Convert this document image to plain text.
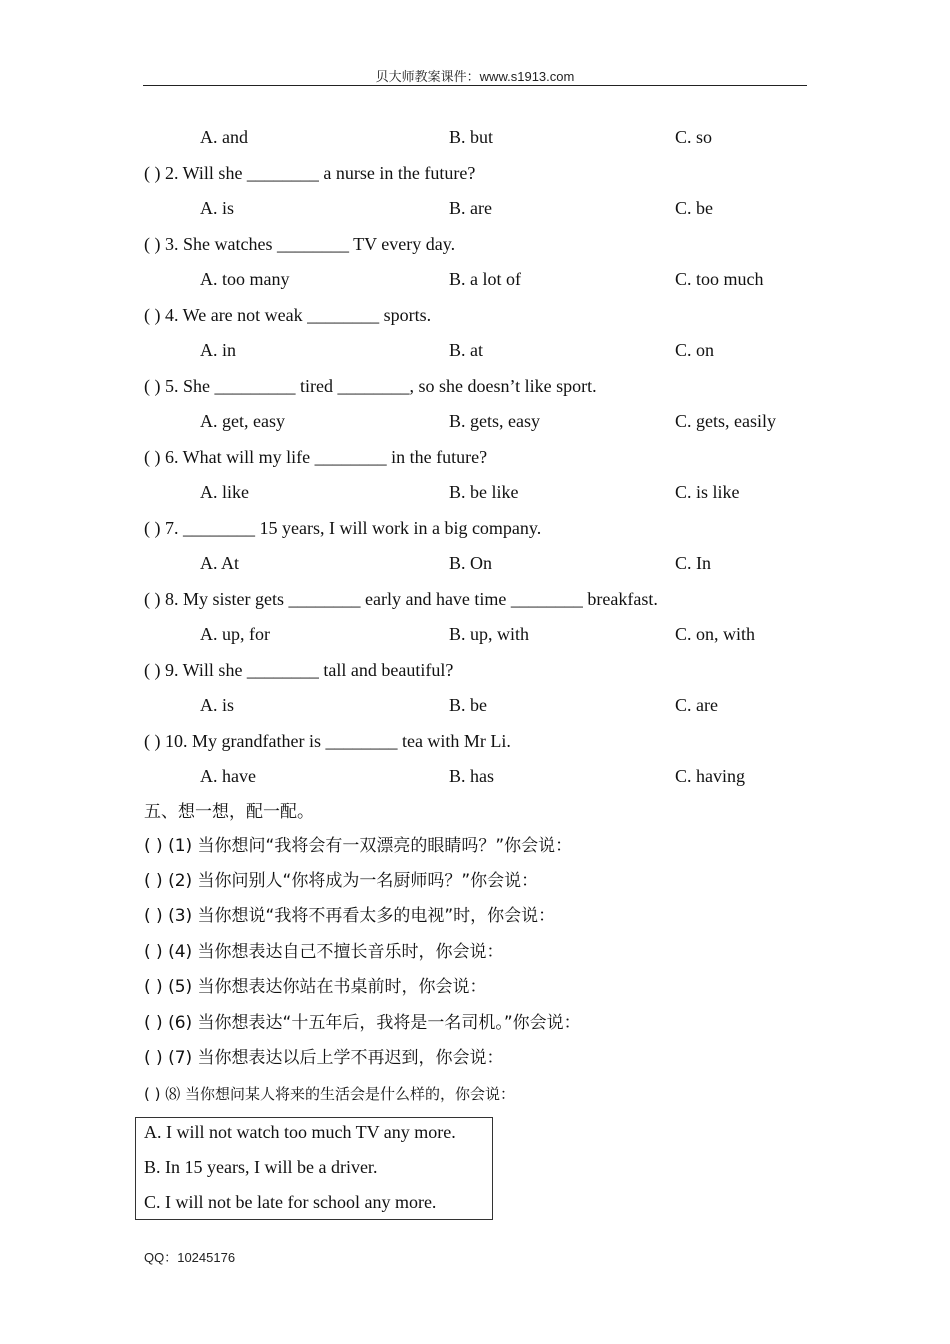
贝大师教案课件：www.s1913.com
A. and	B. but	C. so
( ) 2. Will she ________ a nurse in the future?
A. is	B. are	C. be
( ) 3. She watches ________ TV every day.
A. too many	B. a lot of	C. too much
( ) 4. We are not weak ________ sports.
A. in	B. at	C. on
( ) 5. She _________ tired ________, so she doesn’t like sport.
A. get, easy	B. gets, easy	C. gets, easily
( ) 6. What will my life ________ in the future?
A. like	B. be like	C. is like
( ) 7. ________ 15 years, I will work in a big company.
A. At	B. On	C. In
( ) 8. My sister gets ________ early and have time ________ breakfast.
A. up, for	B. up, with	C. on, with
( ) 9. Will she ________ tall and beautiful?
A. is	B. be	C. are
( ) 10. My grandfather is ________ tea with Mr Li.
A. have	B. has	C. having
五、想一想，配一配。
( ) (1) 当你想问“我将会有一双漂亮的眼睛吗？”你会说：
( ) (2) 当你问别人“你将成为一名厨师吗？”你会说：
( ) (3) 当你想说“我将不再看太多的电视”时，你会说：
( ) (4) 当你想表达自己不擅长音乐时，你会说：
( ) (5) 当你想表达你站在书桌前时，你会说：
( ) (6) 当你想表达“十五年后，我将是一名司机。”你会说：
( ) (7) 当你想表达以后上学不再迟到，你会说：
( ) ⑻ 当你想问某人将来的生活会是什么样的，你会说：
A. I will not watch too much TV any more.
B. In 15 years, I will be a driver.
C. I will not be late for school any more.
QQ：10245176
